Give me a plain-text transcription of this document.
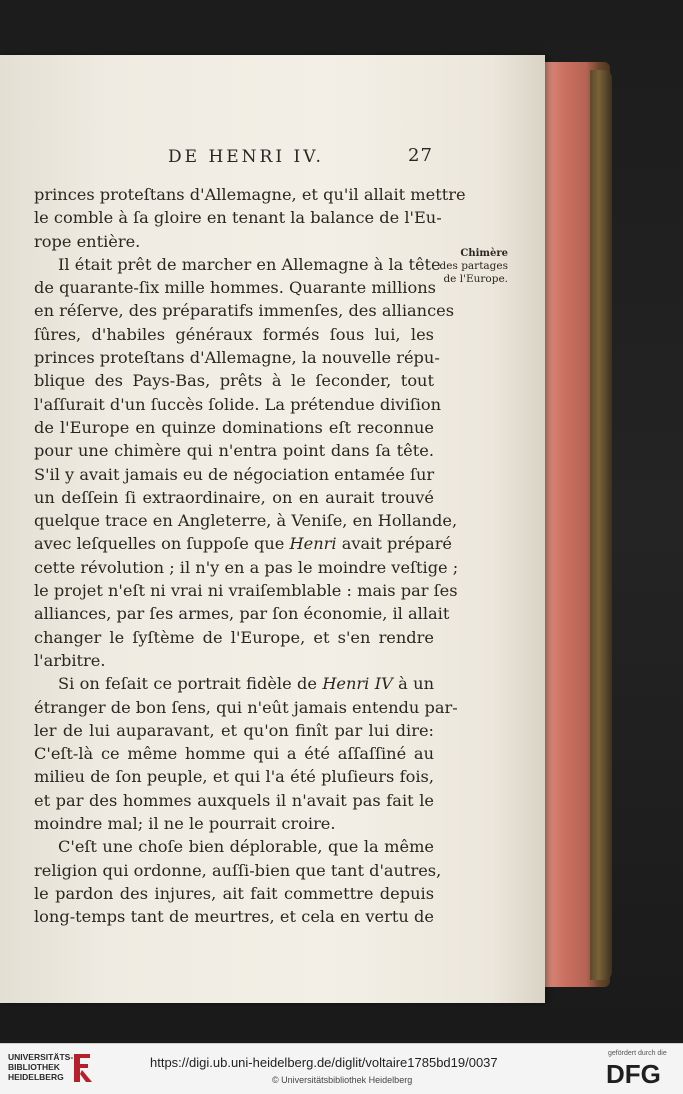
DE HENRI IV.	27
Chimère
des partages
de l'Europe.
princes proteſtans d'Allemagne, et qu'il allait mettre
le comble à ſa gloire en tenant la balance de l'Eu-
rope entière.
Il était prêt de marcher en Allemagne à la tête
de quarante-ſix mille hommes. Quarante millions
en réſerve, des préparatifs immenſes, des alliances
ſûres, d'habiles généraux formés ſous lui, les
princes proteſtans d'Allemagne, la nouvelle répu-
blique des Pays-Bas, prêts à le ſeconder, tout
l'aſſurait d'un ſuccès ſolide. La prétendue diviſion
de l'Europe en quinze dominations eſt reconnue
pour une chimère qui n'entra point dans ſa tête.
S'il y avait jamais eu de négociation entamée ſur
un deſſein ſi extraordinaire, on en aurait trouvé
quelque trace en Angleterre, à Veniſe, en Hollande,
avec leſquelles on ſuppoſe que Henri avait préparé
cette révolution ; il n'y en a pas le moindre veſtige ;
le projet n'eſt ni vrai ni vraiſemblable : mais par ſes
alliances, par ſes armes, par ſon économie, il allait
changer le ſyſtème de l'Europe, et s'en rendre
l'arbitre.
Si on feſait ce portrait fidèle de Henri IV à un
étranger de bon ſens, qui n'eût jamais entendu par-
ler de lui auparavant, et qu'on finît par lui dire:
C'eſt-là ce même homme qui a été aſſaſſiné au
milieu de ſon peuple, et qui l'a été pluſieurs fois,
et par des hommes auxquels il n'avait pas fait le
moindre mal; il ne le pourrait croire.
C'eſt une choſe bien déplorable, que la même
religion qui ordonne, auſſi-bien que tant d'autres,
le pardon des injures, ait fait commettre depuis
long-temps tant de meurtres, et cela en vertu de
UNIVERSITÄTS-
BIBLIOTHEK
HEIDELBERG
https://digi.ub.uni-heidelberg.de/diglit/voltaire1785bd19/0037
© Universitätsbibliothek Heidelberg
gefördert durch die
DFG
